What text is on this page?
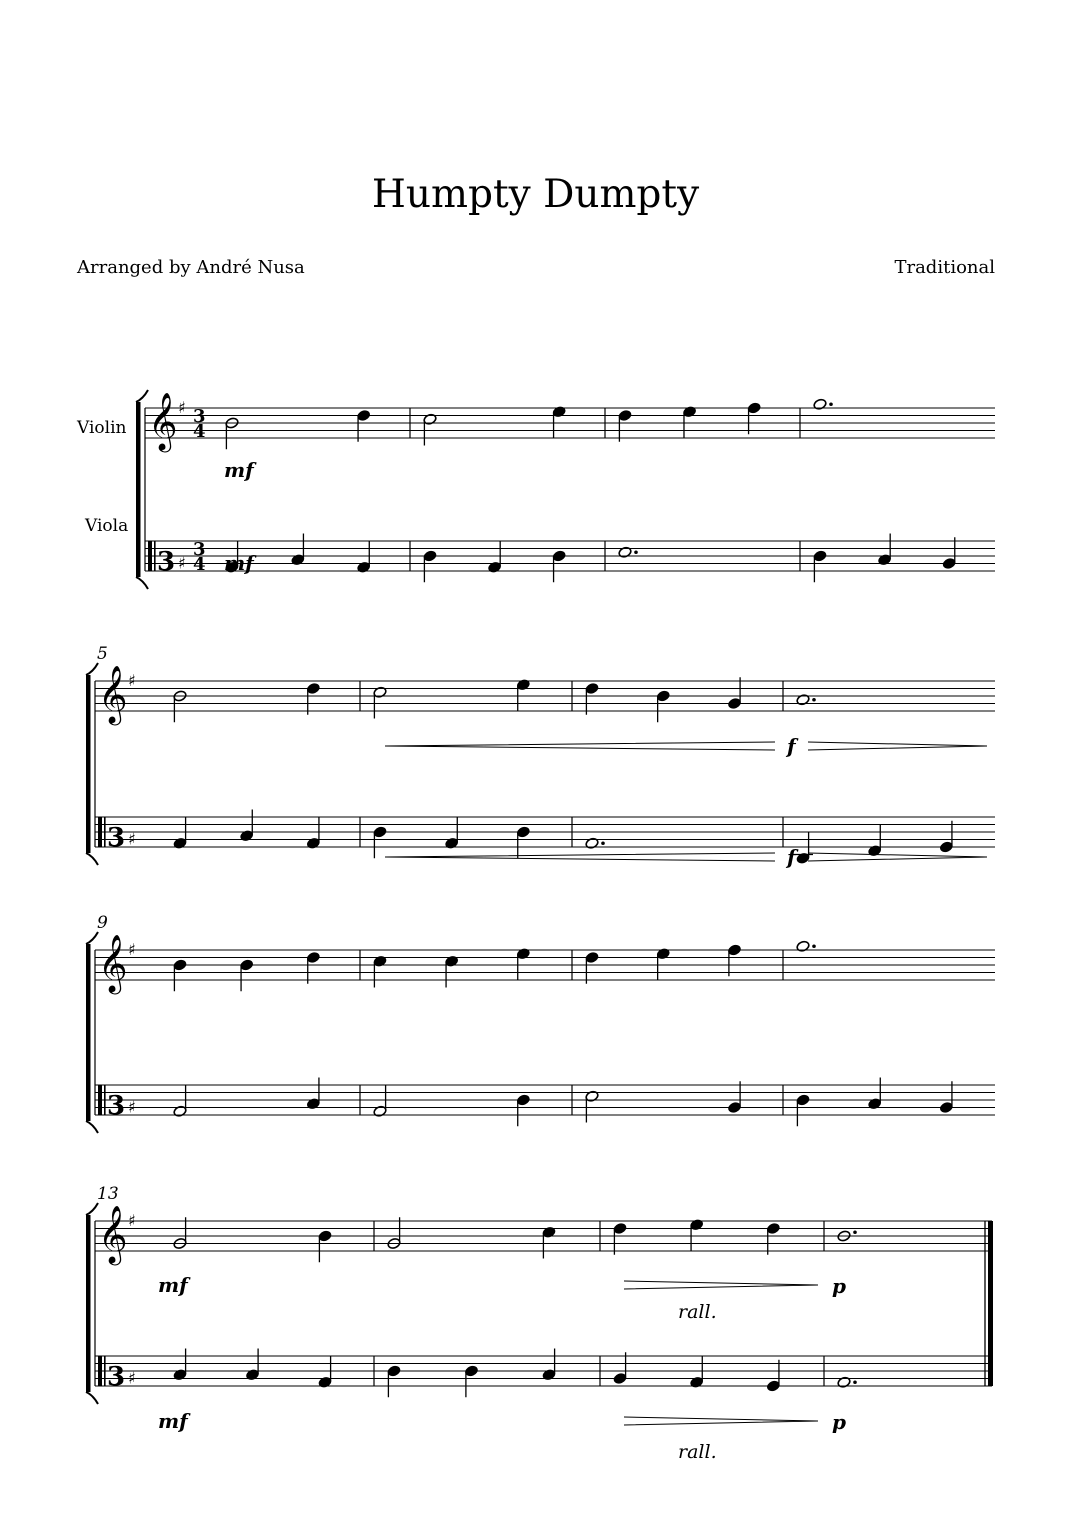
Humpty Dumpty
Arranged by André Nusa	Traditional
𝄞 ♯ 3
4
3 ♯
3
4
𝄞 ♯
3 ♯
5
𝄞 ♯
3 ♯
9
𝄞 ♯
3 ♯
13
Violin
Viola
mf
mf
f
f
mf
mf
p
p
rall.
rall.
